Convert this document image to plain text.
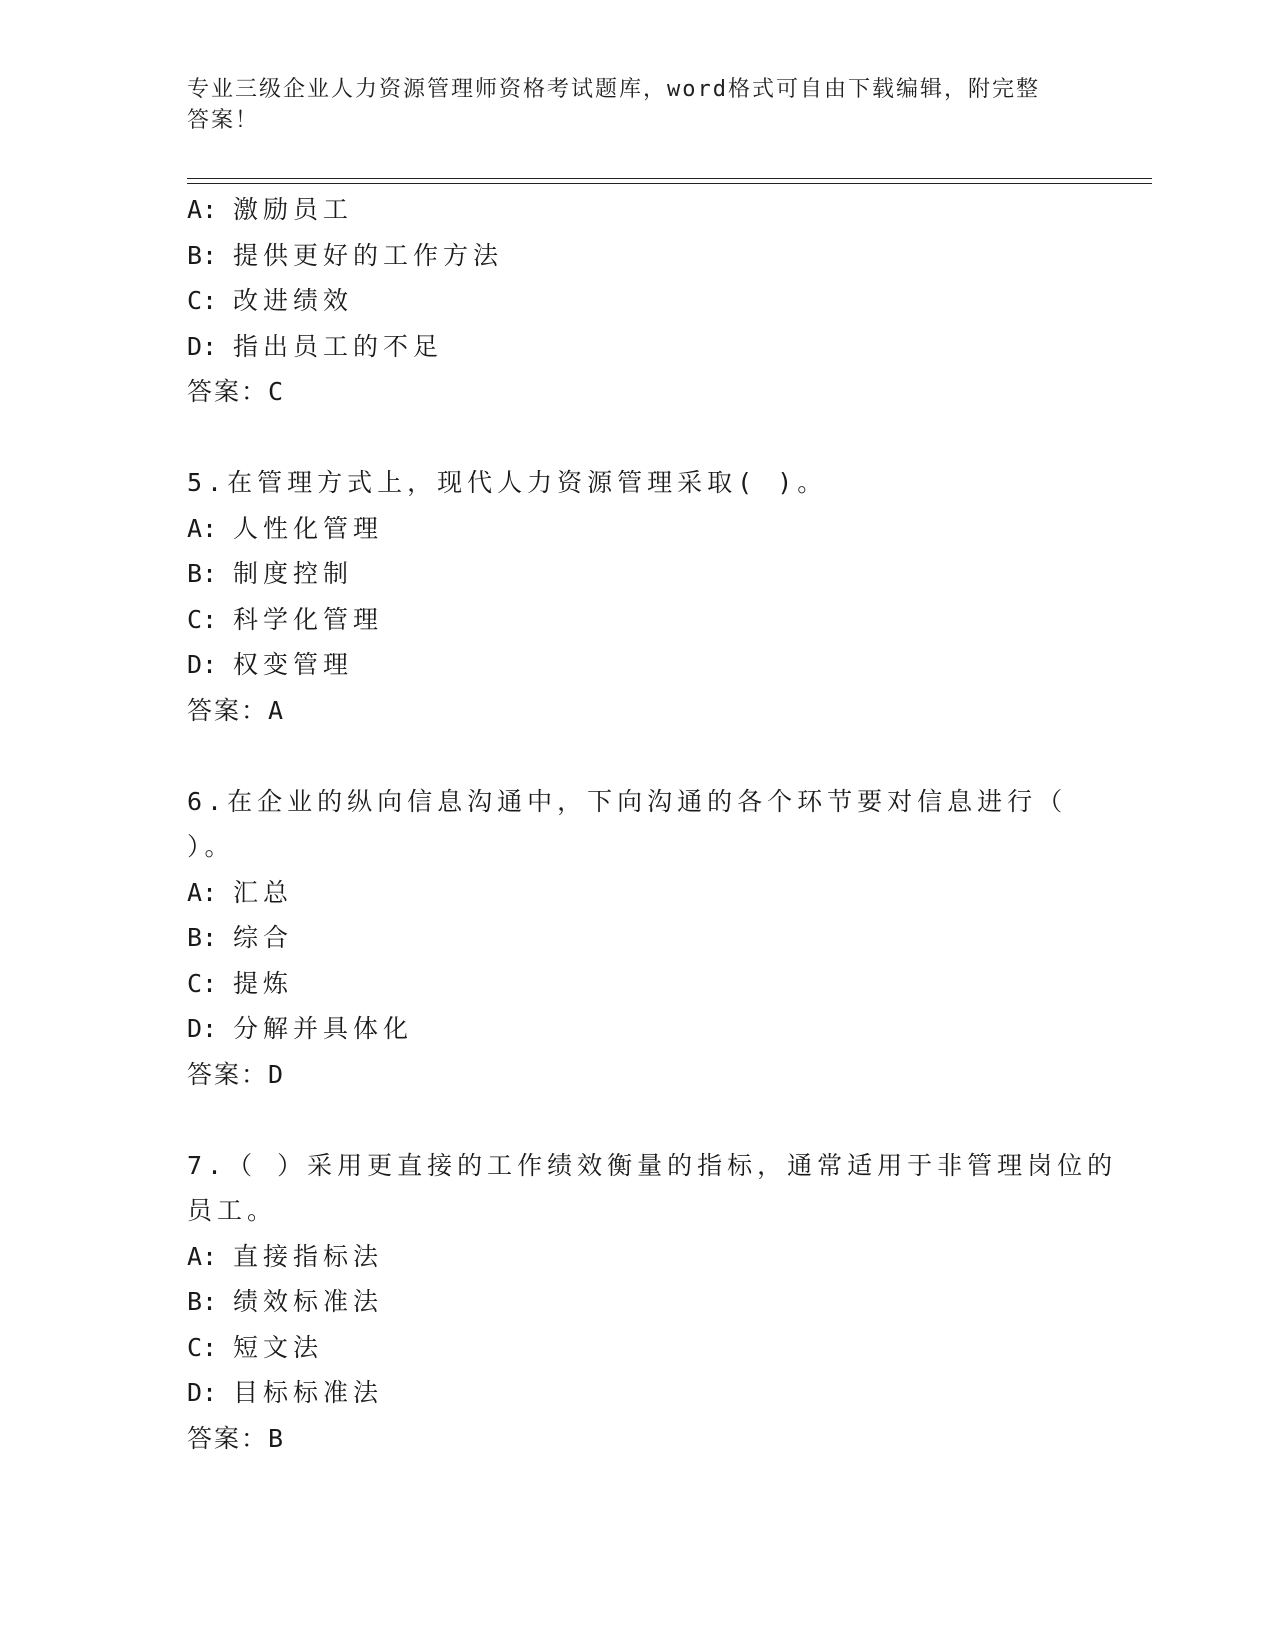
专业三级企业人力资源管理师资格考试题库，word格式可自由下载编辑，附完整
答案！
A: 激励员工
B: 提供更好的工作方法
C: 改进绩效
D: 指出员工的不足
答案：C
5.在管理方式上，现代人力资源管理采取( )。
A: 人性化管理
B: 制度控制
C: 科学化管理
D: 权变管理
答案：A
6.在企业的纵向信息沟通中，下向沟通的各个环节要对信息进行（
）。
A: 汇总
B: 综合
C: 提炼
D: 分解并具体化
答案：D
7.（ ）采用更直接的工作绩效衡量的指标，通常适用于非管理岗位的
员工。
A: 直接指标法
B: 绩效标准法
C: 短文法
D: 目标标准法
答案：B
